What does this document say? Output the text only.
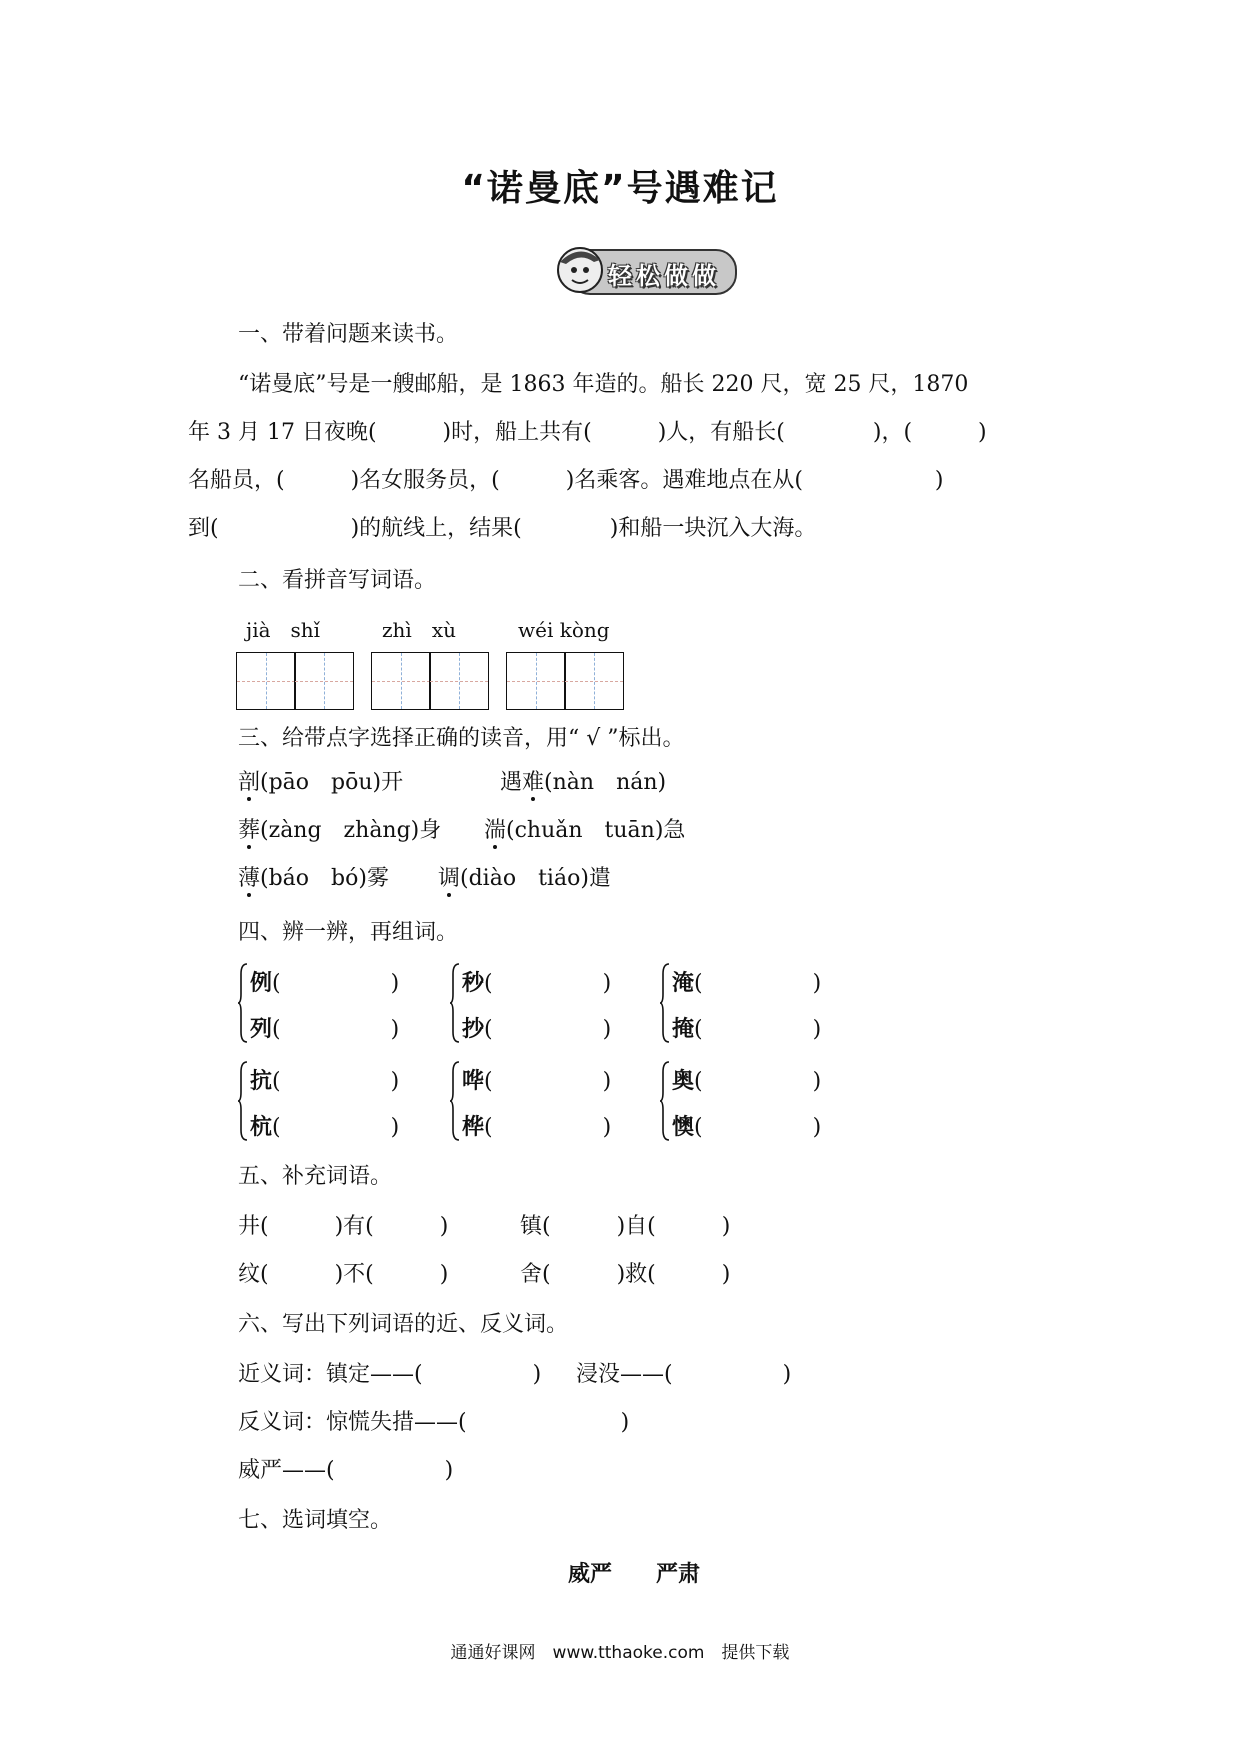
“诺曼底”号遇难记
轻松做做
一、带着问题来读书。
“诺曼底”号是一艘邮船，是 1863 年造的。船长 220 尺，宽 25 尺，1870
年 3 月 17 日夜晚(　　　)时，船上共有(　　　)人，有船长(　　　　)，(　　　)
名船员，(　　　)名女服务员，(　　　)名乘客。遇难地点在从(　　　　　　)
到(　　　　　　)的航线上，结果(　　　　)和船一块沉入大海。
二、看拼音写词语。
jià　shǐ	zhì　xù	wéi kòng
三、给带点字选择正确的读音，用“ √ ”标出。
剖(pāo　pōu)开	遇难(nàn　nán)
葬(zàng　zhàng)身 湍(chuǎn　tuān)急
薄(báo　bó)雾 调(diào　tiáo)遣
四、辨一辨，再组词。
例(　　　　　)
列(　　　　　)
秒(　　　　　)
抄(　　　　　)
淹(　　　　　)
掩(　　　　　)
抗(　　　　　)
杭(　　　　　)
哗(　　　　　)
桦(　　　　　)
奥(　　　　　)
懊(　　　　　)
五、补充词语。
井(　　　)有(　　　)	镇(　　　)自(　　　)
纹(　　　)不(　　　)	舍(　　　)救(　　　)
六、写出下列词语的近、反义词。
近义词：镇定——(　　　　　) 浸没——(　　　　　)
反义词：惊慌失措——(　　　　　　　)
威严——(　　　　　)
七、选词填空。
威严　　严肃
通通好课网　www.tthaoke.com　提供下载
